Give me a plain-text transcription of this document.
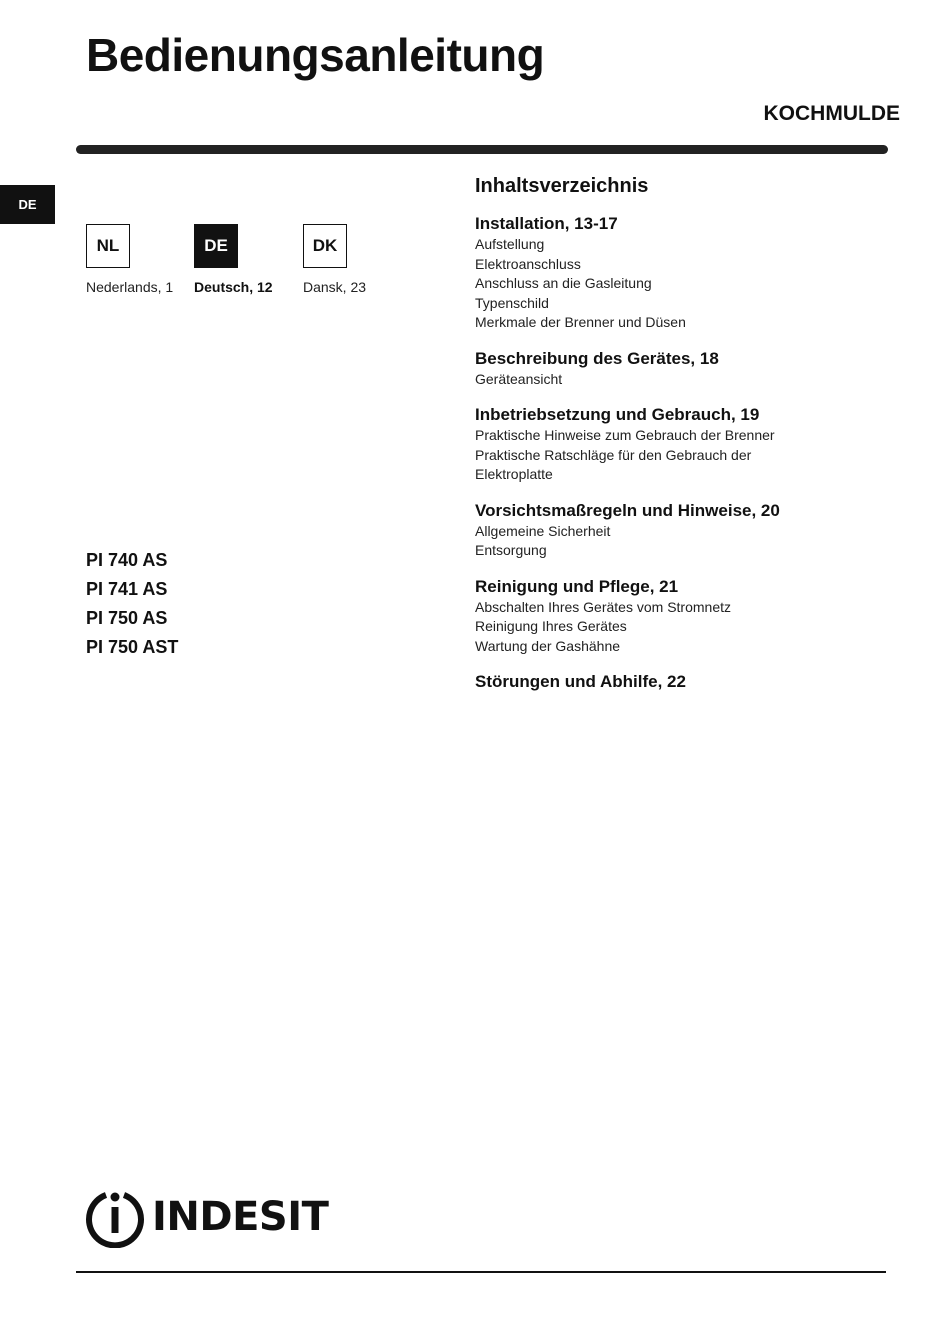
Bedienungsanleitung
KOCHMULDE
DE
NL
Nederlands, 1
DE
Deutsch, 12
DK
Dansk, 23
PI 740 AS
PI 741 AS
PI 750 AS
PI 750 AST
Inhaltsverzeichnis
Installation, 13-17
Aufstellung
Elektroanschluss
Anschluss an die Gasleitung
Typenschild
Merkmale der Brenner und Düsen
Beschreibung des Gerätes, 18
Geräteansicht
Inbetriebsetzung und Gebrauch, 19
Praktische Hinweise zum Gebrauch der Brenner
Praktische Ratschläge für den Gebrauch der
Elektroplatte
Vorsichtsmaßregeln und Hinweise, 20
Allgemeine Sicherheit
Entsorgung
Reinigung und Pflege, 21
Abschalten Ihres Gerätes vom Stromnetz
Reinigung Ihres Gerätes
Wartung der Gashähne
Störungen und Abhilfe, 22
INDESIT
